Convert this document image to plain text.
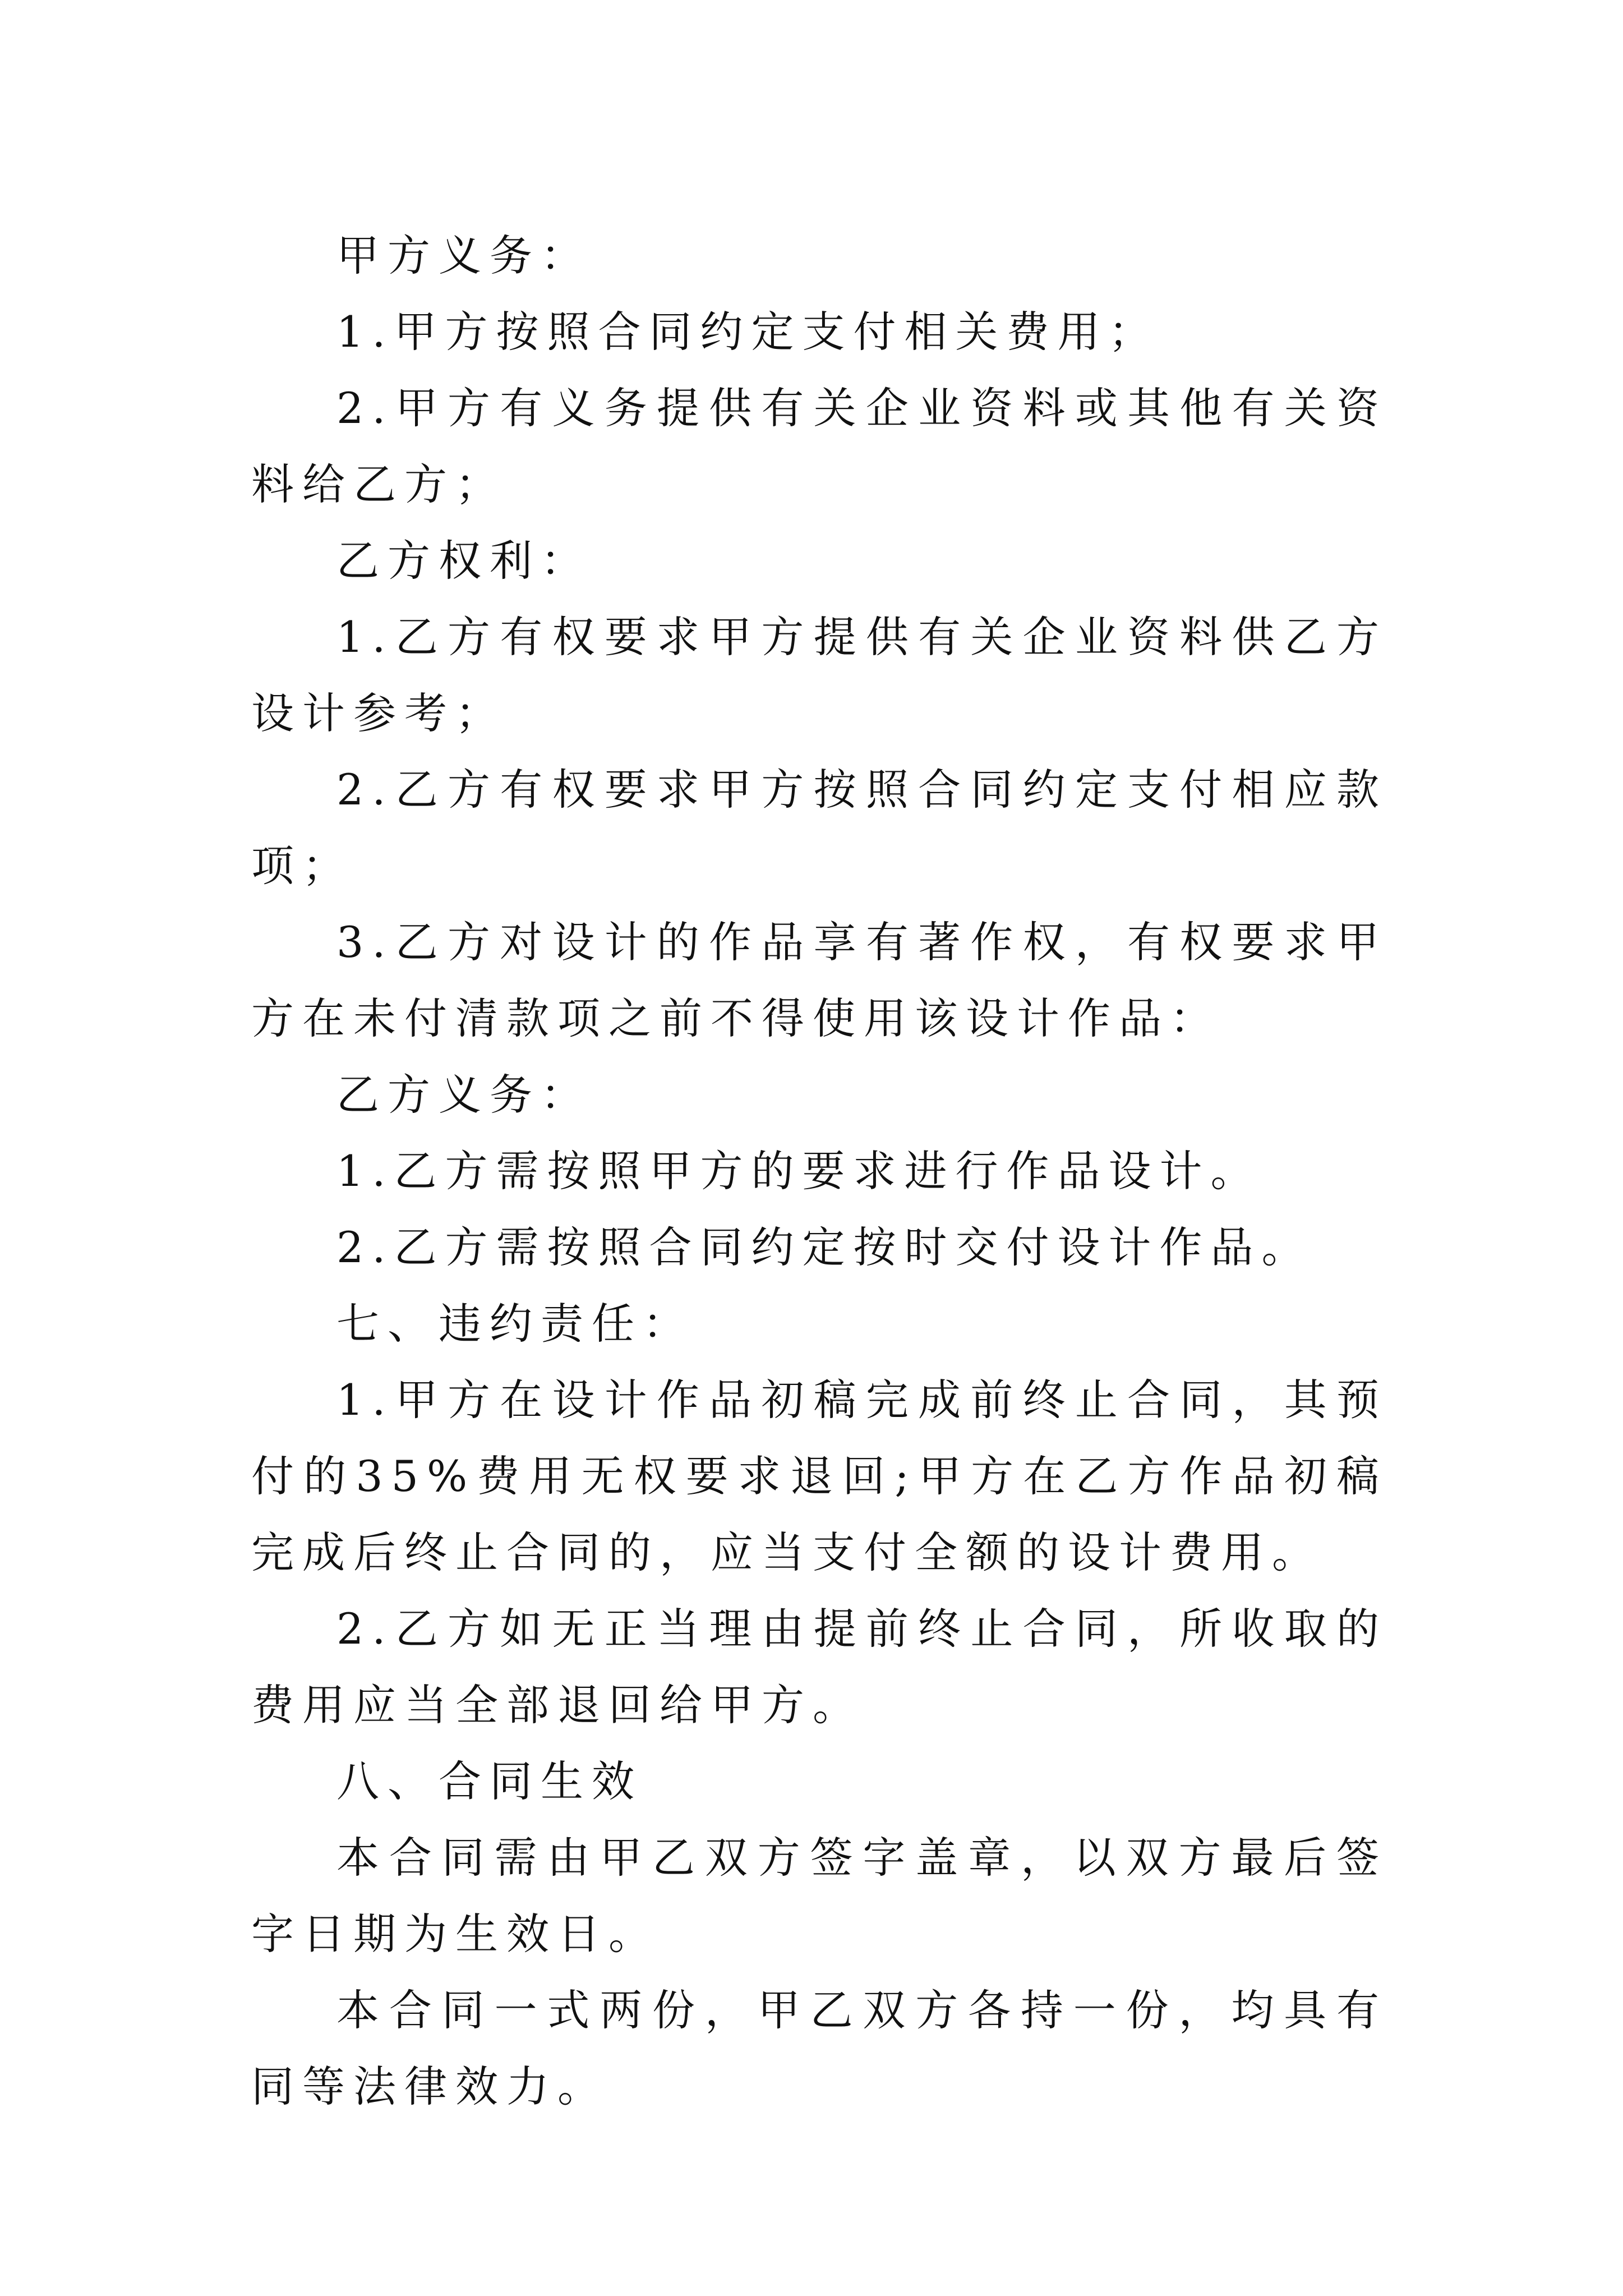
甲方义务：

1.甲方按照合同约定支付相关费用；

2.甲方有义务提供有关企业资料或其他有关资料给乙方；

乙方权利：

1.乙方有权要求甲方提供有关企业资料供乙方设计参考；

2.乙方有权要求甲方按照合同约定支付相应款项；

3.乙方对设计的作品享有著作权，有权要求甲方在未付清款项之前不得使用该设计作品：

乙方义务：

1.乙方需按照甲方的要求进行作品设计。

2.乙方需按照合同约定按时交付设计作品。

七、违约责任：

1.甲方在设计作品初稿完成前终止合同，其预付的35%费用无权要求退回;甲方在乙方作品初稿完成后终止合同的，应当支付全额的设计费用。

2.乙方如无正当理由提前终止合同，所收取的费用应当全部退回给甲方。

八、合同生效

本合同需由甲乙双方签字盖章，以双方最后签字日期为生效日。

本合同一式两份，甲乙双方各持一份，均具有同等法律效力。
